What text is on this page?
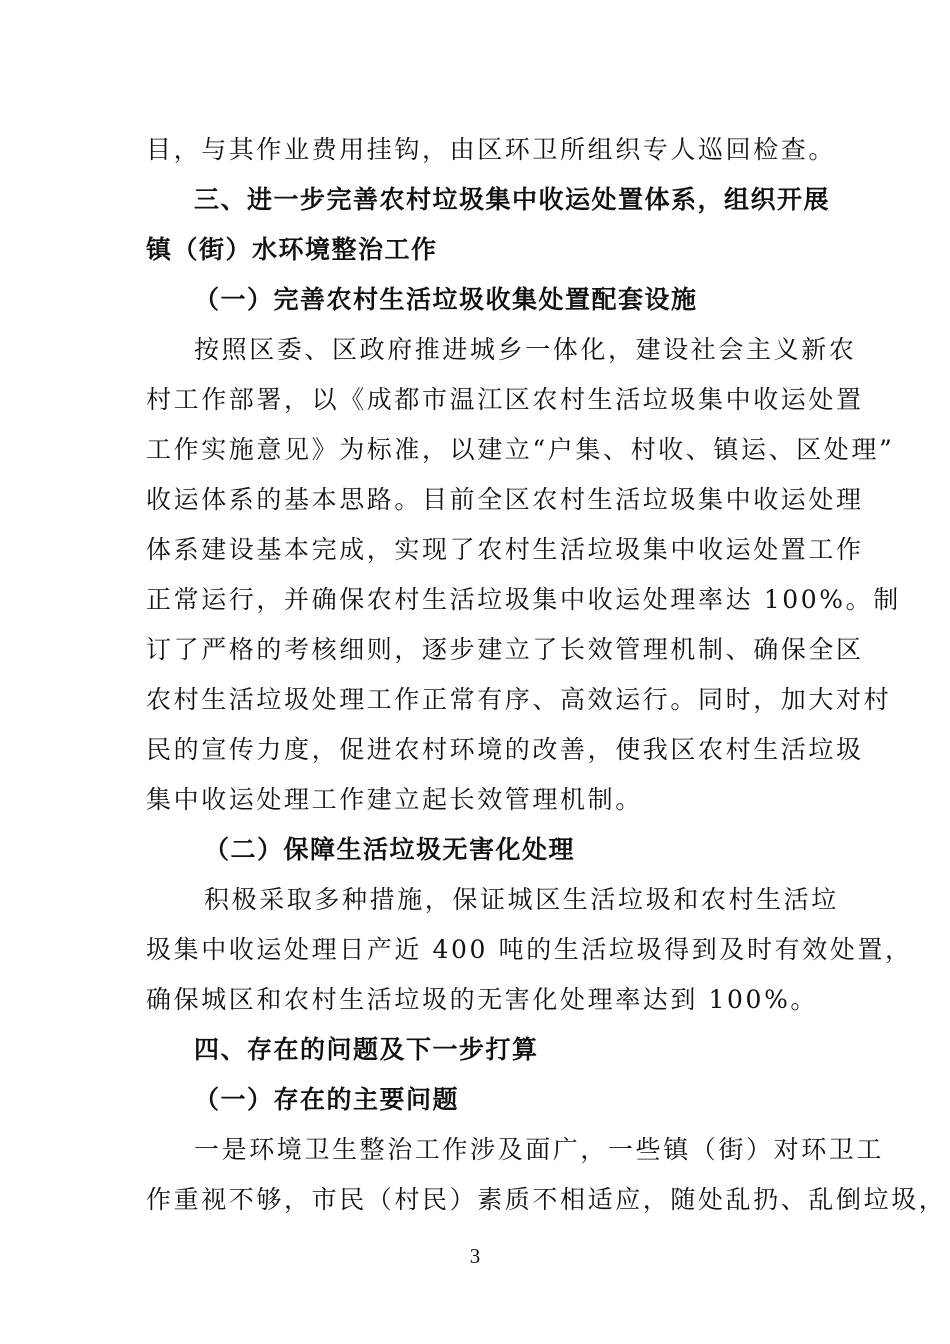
目，与其作业费用挂钩，由区环卫所组织专人巡回检查。
三、进一步完善农村垃圾集中收运处置体系，组织开展
镇（街）水环境整治工作
（一）完善农村生活垃圾收集处置配套设施
按照区委、区政府推进城乡一体化，建设社会主义新农
村工作部署，以《成都市温江区农村生活垃圾集中收运处置
工作实施意见》为标准，以建立“户集、村收、镇运、区处理”
收运体系的基本思路。目前全区农村生活垃圾集中收运处理
体系建设基本完成，实现了农村生活垃圾集中收运处置工作
正常运行，并确保农村生活垃圾集中收运处理率达 100%。制
订了严格的考核细则，逐步建立了长效管理机制、确保全区
农村生活垃圾处理工作正常有序、高效运行。同时，加大对村
民的宣传力度，促进农村环境的改善，使我区农村生活垃圾
集中收运处理工作建立起长效管理机制。
（二）保障生活垃圾无害化处理
积极采取多种措施，保证城区生活垃圾和农村生活垃
圾集中收运处理日产近 400 吨的生活垃圾得到及时有效处置，
确保城区和农村生活垃圾的无害化处理率达到 100%。
四、存在的问题及下一步打算
（一）存在的主要问题
一是环境卫生整治工作涉及面广，一些镇（街）对环卫工
作重视不够，市民（村民）素质不相适应，随处乱扔、乱倒垃圾，
3
